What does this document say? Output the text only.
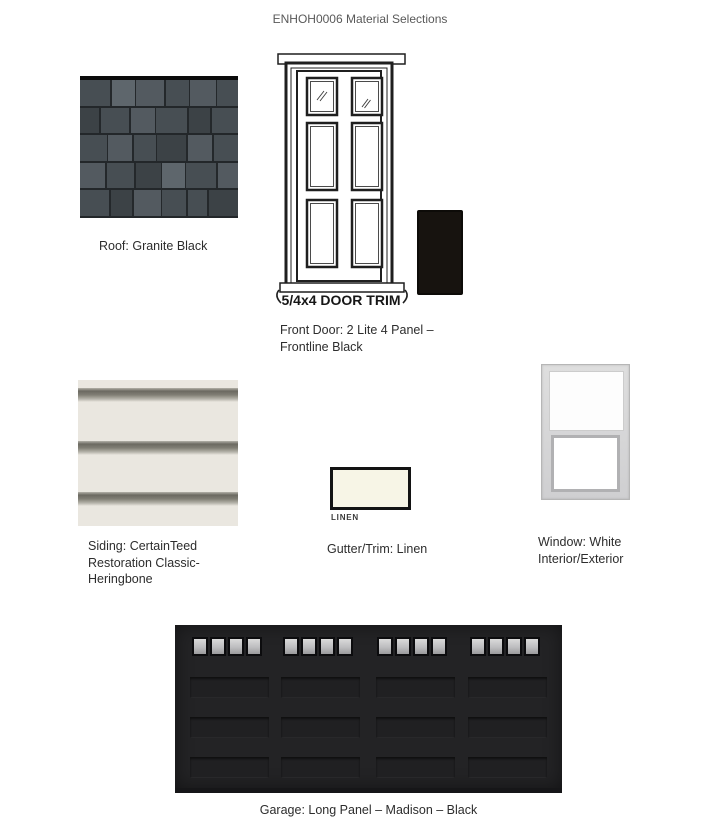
ENHOH0006 Material Selections
Roof: Granite Black
5/4x4 DOOR TRIM
Front Door: 2 Lite 4 Panel – Frontline Black
Siding: CertainTeed Restoration Classic-Heringbone
LINEN
Gutter/Trim: Linen	Window: White Interior/Exterior
Garage: Long Panel – Madison – Black
